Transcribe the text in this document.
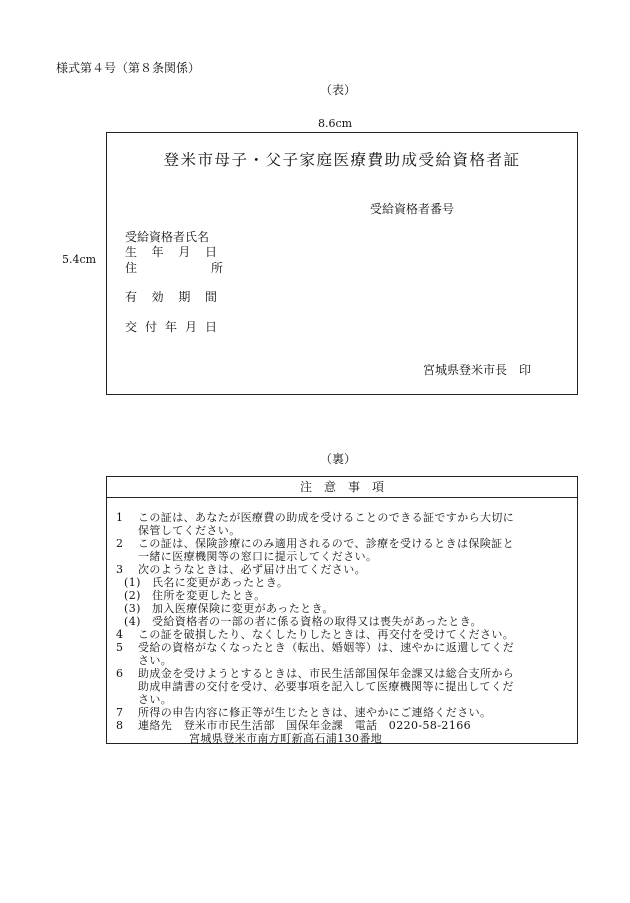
様式第４号（第８条関係）
（表）
8.6cm
5.4cm
登米市母子・父子家庭医療費助成受給資格者証
受給資格者番号
受給資格者氏名
生 年 月 日
住	所
有 効 期 間
交 付 年 月 日
宮城県登米市長　印
（裏）
注　意　事　項
1	この証は、あなたが医療費の助成を受けることのできる証ですから大切に
保管してください。
2	この証は、保険診療にのみ適用されるので、診療を受けるときは保険証と
一緒に医療機関等の窓口に提示してください。
3	次のようなときは、必ず届け出てください。
(1)	氏名に変更があったとき。
(2)	住所を変更したとき。
(3)	加入医療保険に変更があったとき。
(4)	受給資格者の一部の者に係る資格の取得又は喪失があったとき。
4	この証を破損したり、なくしたりしたときは、再交付を受けてください。
5	受給の資格がなくなったとき（転出、婚姻等）は、速やかに返還してくだ
さい。
6	助成金を受けようとするときは、市民生活部国保年金課又は総合支所から
助成申請書の交付を受け、必要事項を記入して医療機関等に提出してくだ
さい。
7	所得の申告内容に修正等が生じたときは、速やかにご連絡ください。
8	連絡先　登米市市民生活部　国保年金課　電話　0220-58-2166
宮城県登米市南方町新高石浦130番地
